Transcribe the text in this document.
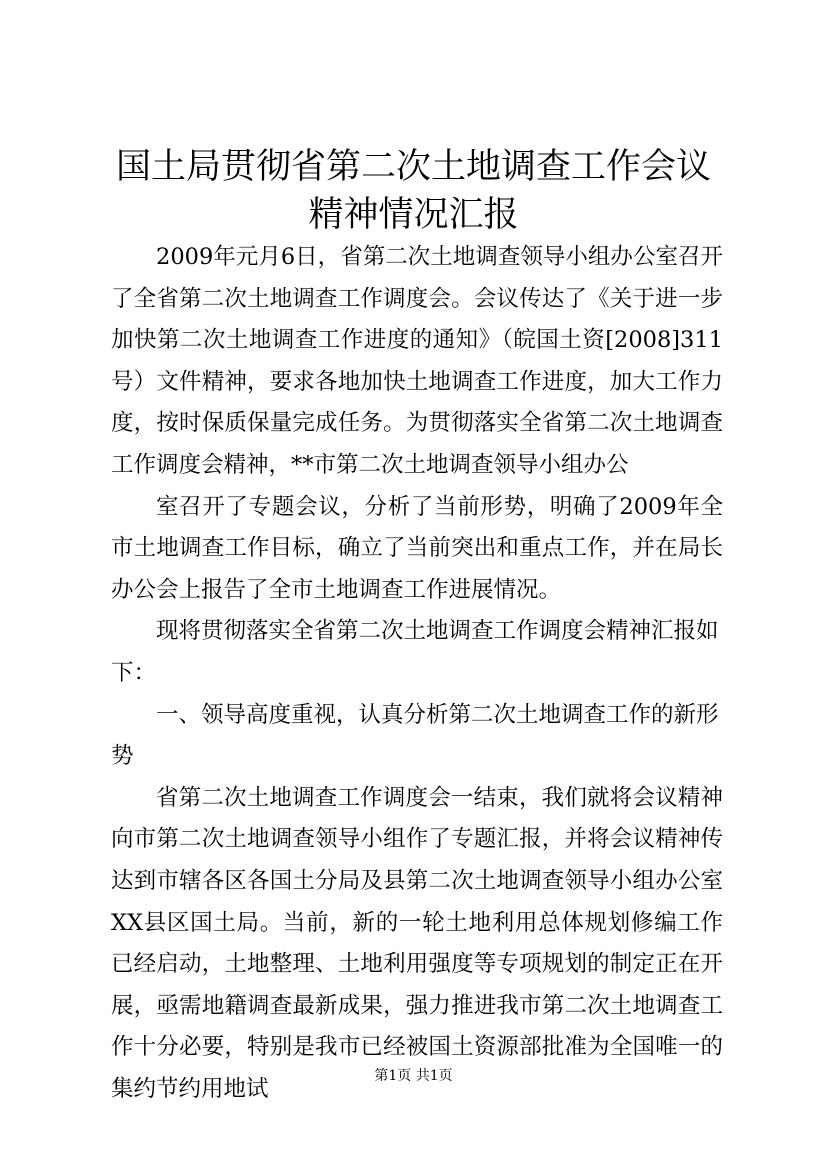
国土局贯彻省第二次土地调查工作会议精神情况汇报

2009年元月6日，省第二次土地调查领导小组办公室召开了全省第二次土地调查工作调度会。会议传达了《关于进一步加快第二次土地调查工作进度的通知》（皖国土资[2008]311号）文件精神，要求各地加快土地调查工作进度，加大工作力度，按时保质保量完成任务。为贯彻落实全省第二次土地调查工作调度会精神，**市第二次土地调查领导小组办公

室召开了专题会议，分析了当前形势，明确了2009年全市土地调查工作目标，确立了当前突出和重点工作，并在局长办公会上报告了全市土地调查工作进展情况。

现将贯彻落实全省第二次土地调查工作调度会精神汇报如下：

一、领导高度重视，认真分析第二次土地调查工作的新形势

省第二次土地调查工作调度会一结束，我们就将会议精神向市第二次土地调查领导小组作了专题汇报，并将会议精神传达到市辖各区各国土分局及县第二次土地调查领导小组办公室XX县区国土局。当前，新的一轮土地利用总体规划修编工作已经启动，土地整理、土地利用强度等专项规划的制定正在开展，亟需地籍调查最新成果，强力推进我市第二次土地调查工作十分必要，特别是我市已经被国土资源部批准为全国唯一的集约节约用地试	第1页 共1页
